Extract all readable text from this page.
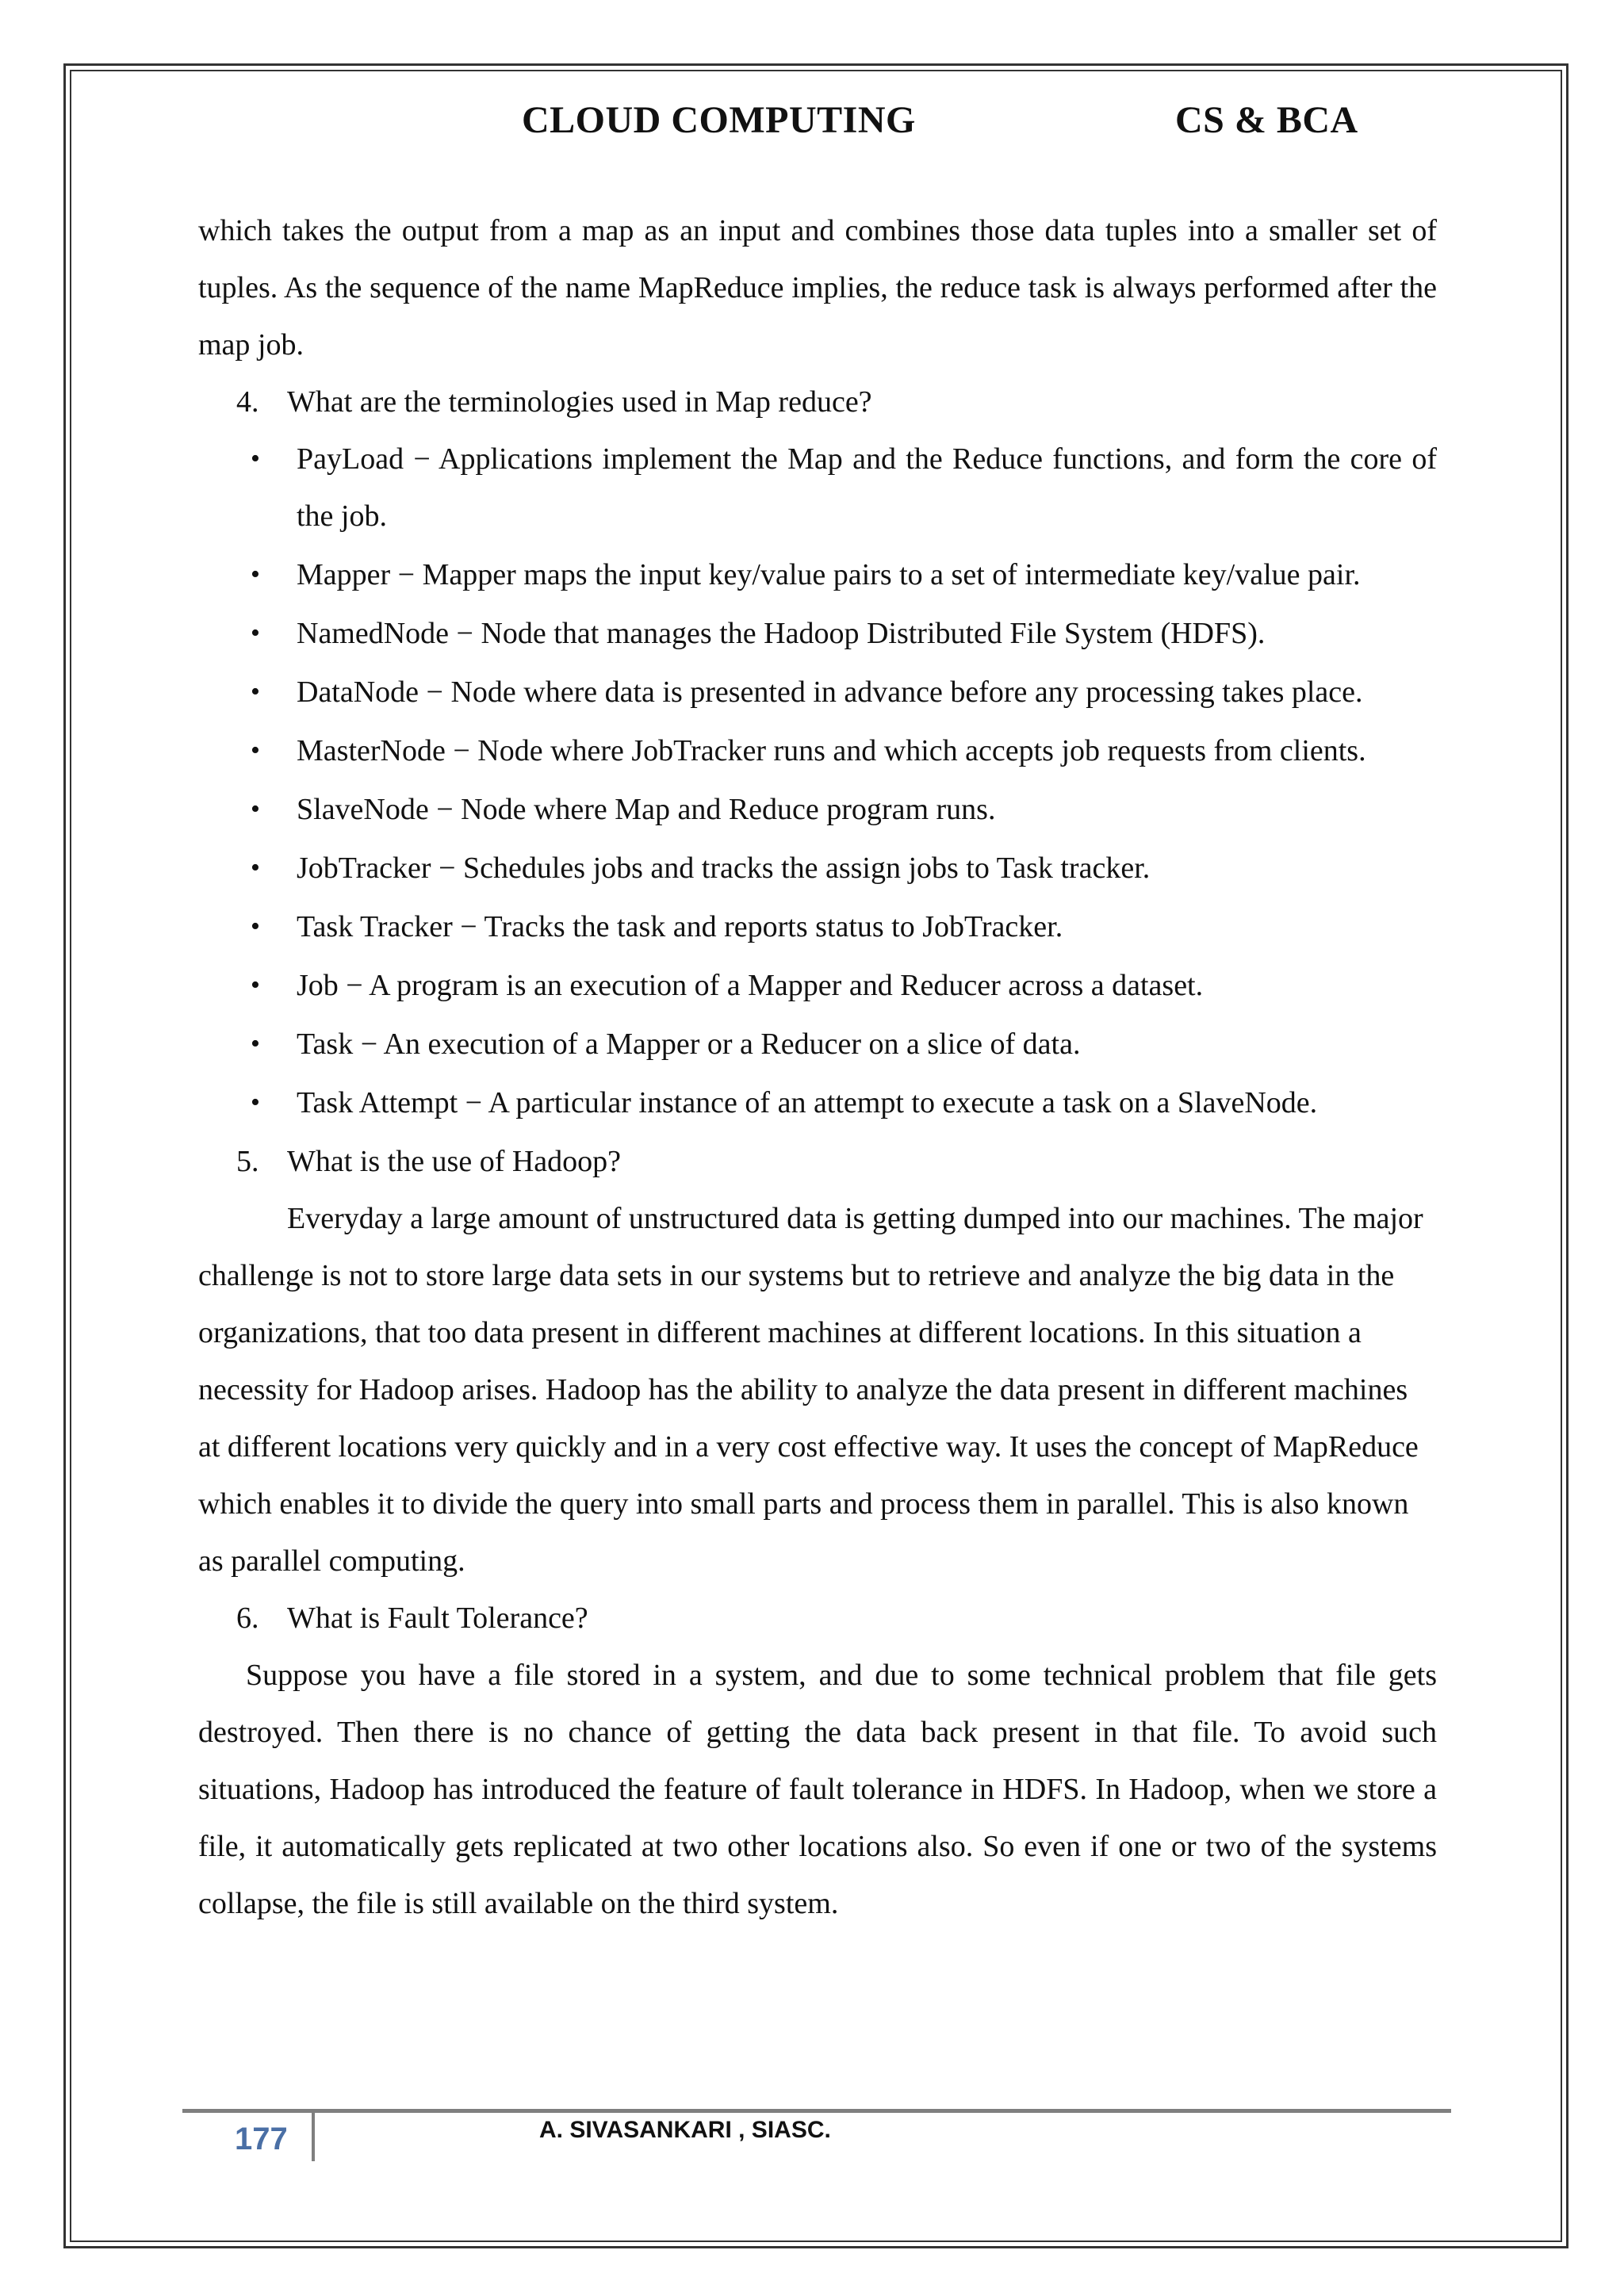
CLOUD COMPUTING	CS & BCA

which takes the output from a map as an input and combines those data tuples into a smaller set of tuples. As the sequence of the name MapReduce implies, the reduce task is always performed after the map job.

4. What are the terminologies used in Map reduce?
• PayLoad − Applications implement the Map and the Reduce functions, and form the core of the job.
• Mapper − Mapper maps the input key/value pairs to a set of intermediate key/value pair.
• NamedNode − Node that manages the Hadoop Distributed File System (HDFS).
• DataNode − Node where data is presented in advance before any processing takes place.
• MasterNode − Node where JobTracker runs and which accepts job requests from clients.
• SlaveNode − Node where Map and Reduce program runs.
• JobTracker − Schedules jobs and tracks the assign jobs to Task tracker.
• Task Tracker − Tracks the task and reports status to JobTracker.
• Job − A program is an execution of a Mapper and Reducer across a dataset.
• Task − An execution of a Mapper or a Reducer on a slice of data.
• Task Attempt − A particular instance of an attempt to execute a task on a SlaveNode.
5. What is the use of Hadoop?

Everyday a large amount of unstructured data is getting dumped into our machines. The major challenge is not to store large data sets in our systems but to retrieve and analyze the big data in the organizations, that too data present in different machines at different locations. In this situation a necessity for Hadoop arises. Hadoop has the ability to analyze the data present in different machines at different locations very quickly and in a very cost effective way. It uses the concept of MapReduce which enables it to divide the query into small parts and process them in parallel. This is also known as parallel computing.

6. What is Fault Tolerance?

Suppose you have a file stored in a system, and due to some technical problem that file gets destroyed. Then there is no chance of getting the data back present in that file. To avoid such situations, Hadoop has introduced the feature of fault tolerance in HDFS. In Hadoop, when we store a file, it automatically gets replicated at two other locations also. So even if one or two of the systems collapse, the file is still available on the third system.

177	A. SIVASANKARI , SIASC.
